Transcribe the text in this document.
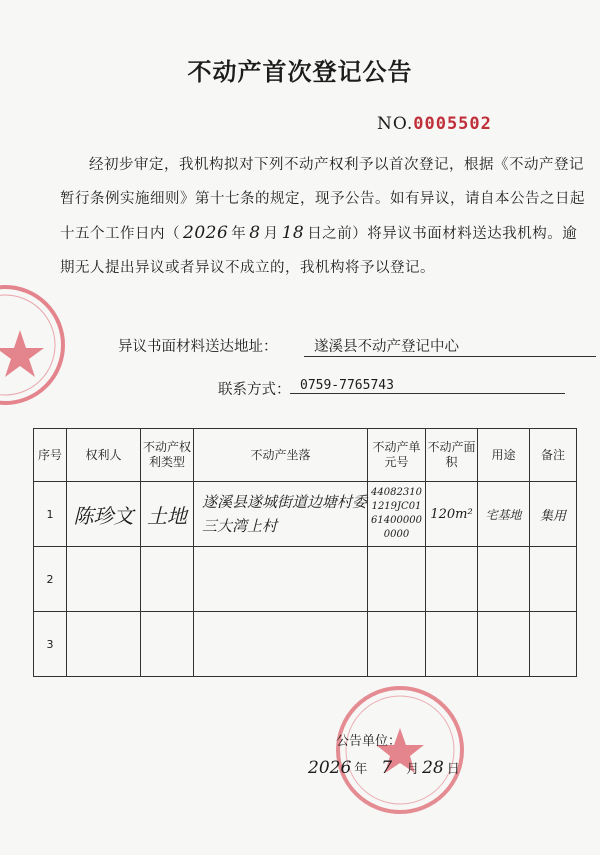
不动产首次登记公告
NO.0005502

经初步审定，我机构拟对下列不动产权利予以首次登记，根据《不动产登记暂行条例实施细则》第十七条的规定，现予公告。如有异议，请自本公告之日起十五个工作日内（ 2026 年 8 月 18 日之前）将异议书面材料送达我机构。逾期无人提出异议或者异议不成立的，我机构将予以登记。

异议书面材料送达地址：	遂溪县不动产登记中心
联系方式： 0759-7765743
序号	权利人	不动产权利类型	不动产坐落	不动产单元号	不动产面积	用途	备注
1	陈珍文	土地	遂溪县遂城街道边塘村委三大湾上村	440823101219JC01614000000000	120m²	宅基地	集用
2							
3							
公告单位：
2026 年 7 月 28 日
